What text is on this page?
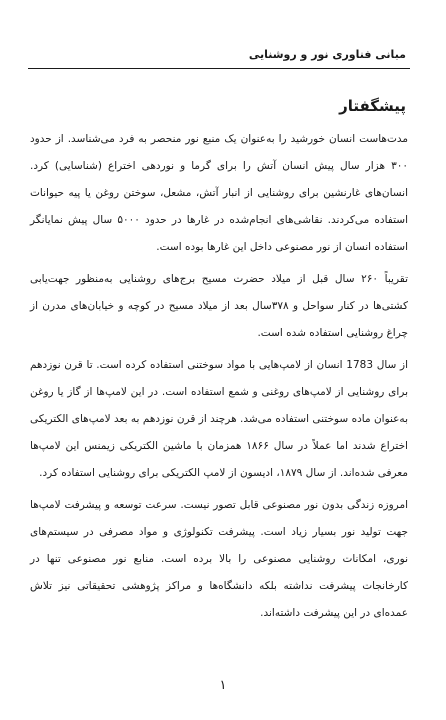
مبانی فناوری نور و روشنایی
پیشگفتار

مدت‌هاست انسان خورشید را به‌عنوان یک منبع نور منحصر به فرد می‌شناسد. از حدود ۳۰۰ هزار سال پیش انسان آتش را برای گرما و نوردهی اختراع (شناسایی) کرد. انسان‌های غارنشین برای روشنایی از انبار آتش، مشعل، سوختن روغن یا پیه حیوانات استفاده می‌کردند. نقاشی‌های انجام‌شده در غارها در حدود ۵۰۰۰ سال پیش نمایانگر استفاده انسان از نور مصنوعی داخل این غارها بوده است.

تقریباً ۲۶۰ سال قبل از میلاد حضرت مسیح برج‌های روشنایی به‌منظور جهت‌یابی کشتی‌ها در کنار سواحل و ۳۷۸سال بعد از میلاد مسیح در کوچه و خیابان‌های مدرن از چراغ روشنایی استفاده شده است.

از سال 1783 انسان از لامپ‌هایی با مواد سوختنی استفاده کرده است. تا قرن نوزدهم برای روشنایی از لامپ‌های روغنی و شمع استفاده است. در این لامپ‌ها از گاز یا روغن به‌عنوان ماده سوختنی استفاده می‌شد. هرچند از قرن نوزدهم به بعد لامپ‌های الکتریکی اختراع شدند اما عملاً در سال ۱۸۶۶ همزمان با ماشین الکتریکی زیمنس این لامپ‌ها معرفی شده‌اند. از سال ۱۸۷۹، ادیسون از لامپ الکتریکی برای روشنایی استفاده کرد.

امروزه زندگی بدون نور مصنوعی قابل تصور نیست. سرعت توسعه و پیشرفت لامپ‌ها جهت تولید نور بسیار زیاد است. پیشرفت تکنولوژی و مواد مصرفی در سیستم‌های نوری، امکانات روشنایی مصنوعی را بالا برده است. منابع نور مصنوعی تنها در کارخانجات پیشرفت نداشته بلکه دانشگاه‌ها و مراکز پژوهشی تحقیقاتی نیز تلاش عمده‌ای در این پیشرفت داشته‌اند.

۱
